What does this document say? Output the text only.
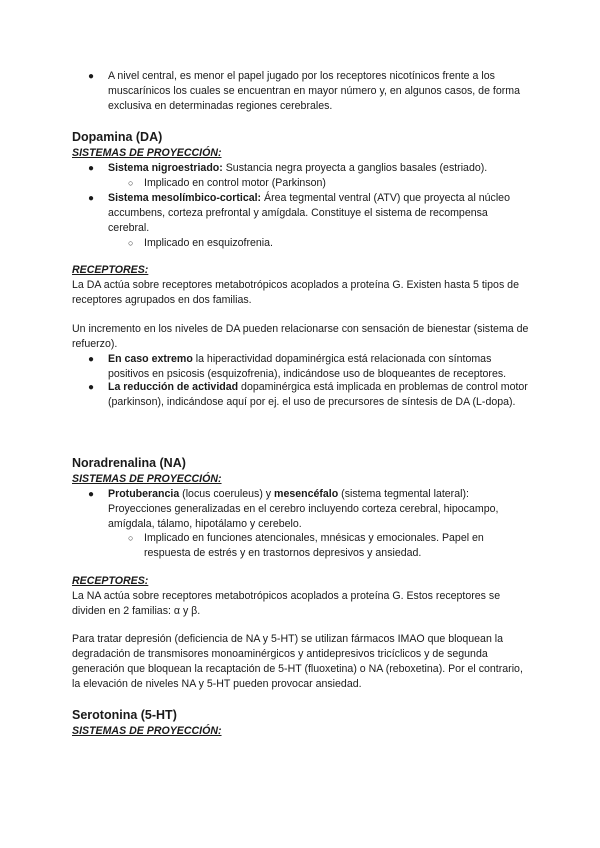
● A nivel central, es menor el papel jugado por los receptores nicotínicos frente a los muscarínicos los cuales se encuentran en mayor número y, en algunos casos, de forma exclusiva en determinadas regiones cerebrales.
Dopamina (DA)

SISTEMAS DE PROYECCIÓN:

● Sistema nigroestriado: Sustancia negra proyecta a ganglios basales (estriado).
○ Implicado en control motor (Parkinson)
● Sistema mesolímbico-cortical: Área tegmental ventral (ATV) que proyecta al núcleo accumbens, corteza prefrontal y amígdala. Constituye el sistema de recompensa cerebral.
○ Implicado en esquizofrenia.

RECEPTORES:

La DA actúa sobre receptores metabotrópicos acoplados a proteína G. Existen hasta 5 tipos de receptores agrupados en dos familias.

Un incremento en los niveles de DA pueden relacionarse con sensación de bienestar (sistema de refuerzo).

● En caso extremo la hiperactividad dopaminérgica está relacionada con síntomas positivos en psicosis (esquizofrenia), indicándose uso de bloqueantes de receptores.
● La reducción de actividad dopaminérgica está implicada en problemas de control motor (parkinson), indicándose aquí por ej. el uso de precursores de síntesis de DA (L-dopa).
Noradrenalina (NA)

SISTEMAS DE PROYECCIÓN:

● Protuberancia (locus coeruleus) y mesencéfalo (sistema tegmental lateral): Proyecciones generalizadas en el cerebro incluyendo corteza cerebral, hipocampo, amígdala, tálamo, hipotálamo y cerebelo.
○ Implicado en funciones atencionales, mnésicas y emocionales. Papel en respuesta de estrés y en trastornos depresivos y ansiedad.

RECEPTORES:

La NA actúa sobre receptores metabotrópicos acoplados a proteína G. Estos receptores se dividen en 2 familias: α y β.

Para tratar depresión (deficiencia de NA y 5-HT) se utilizan fármacos IMAO que bloquean la degradación de transmisores monoaminérgicos y antidepresivos tricíclicos y de segunda generación que bloquean la recaptación de 5-HT (fluoxetina) o NA (reboxetina). Por el contrario, la elevación de niveles NA y 5-HT pueden provocar ansiedad.

Serotonina (5-HT)

SISTEMAS DE PROYECCIÓN:
